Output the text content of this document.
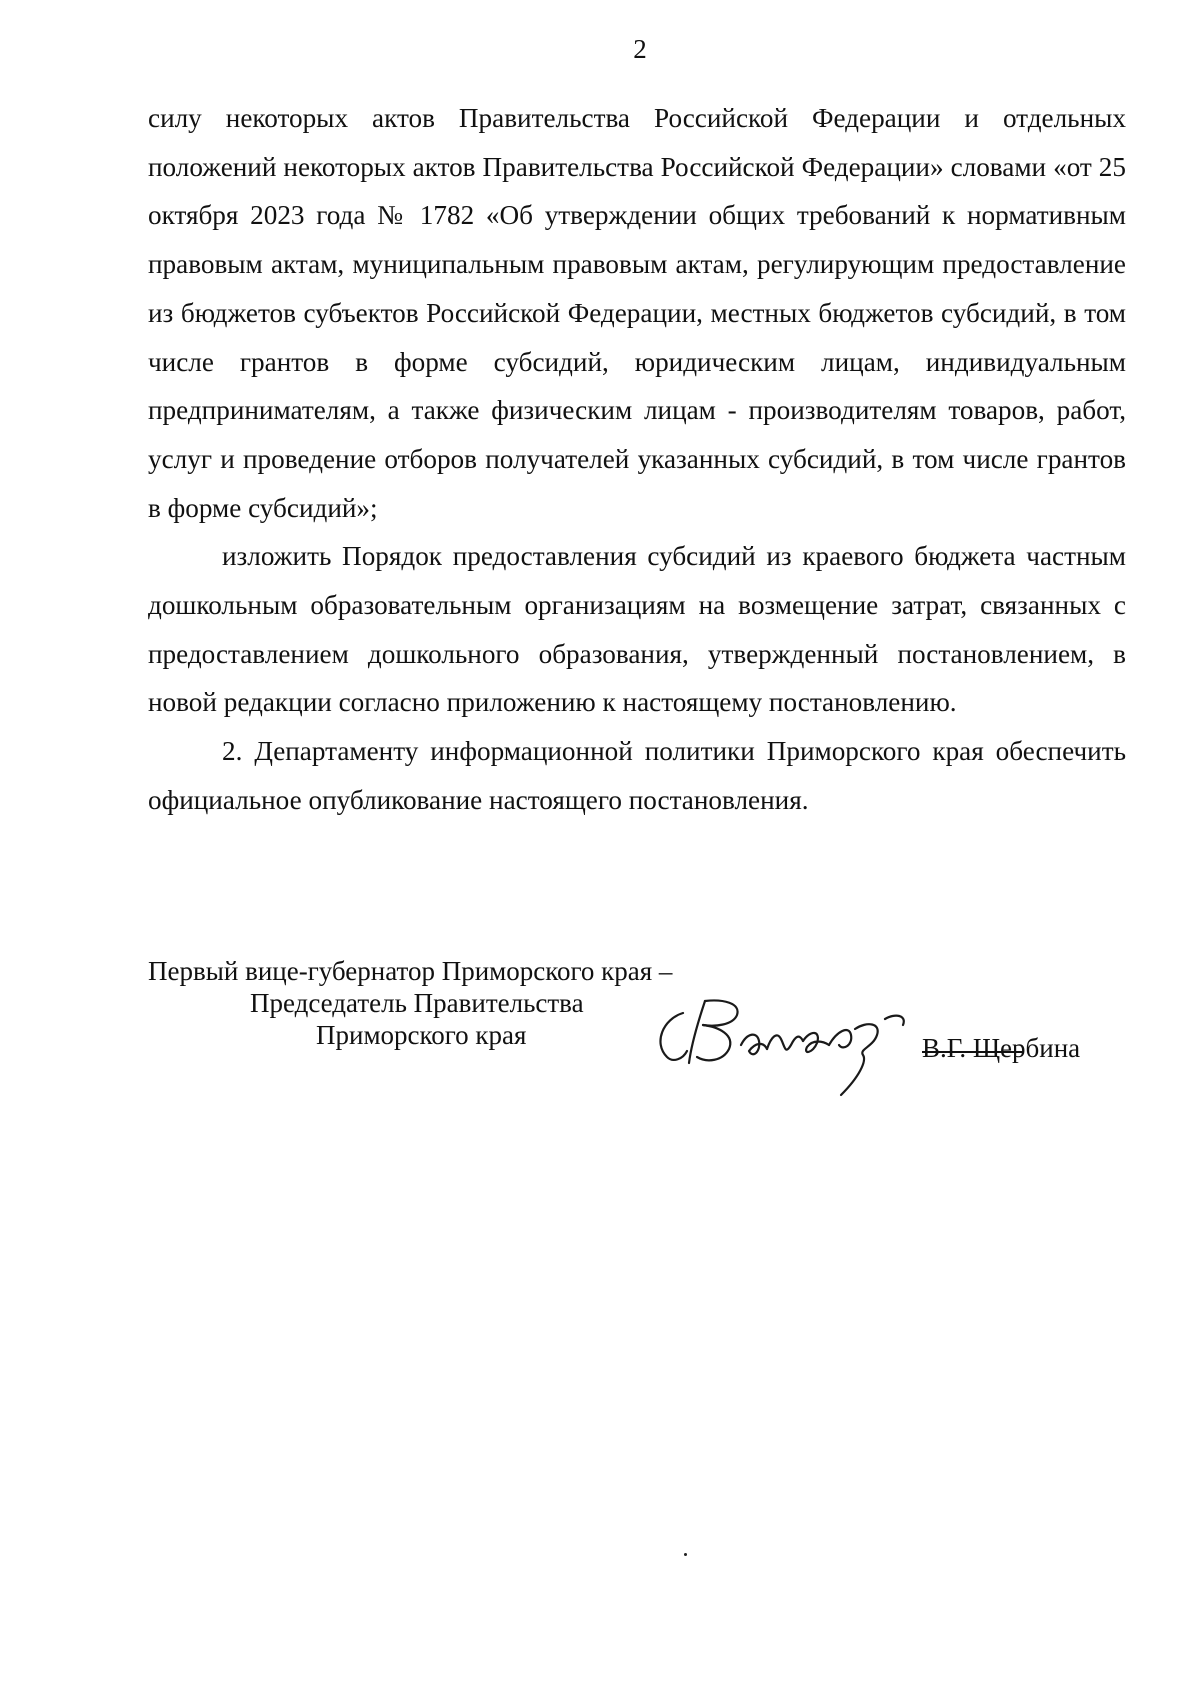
2

силу некоторых актов Правительства Российской Федерации и отдельных положений некоторых актов Правительства Российской Федерации» словами «от 25 октября 2023 года № 1782 «Об утверждении общих требований к нормативным правовым актам, муниципальным правовым актам, регулирующим предоставление из бюджетов субъектов Российской Федерации, местных бюджетов субсидий, в том числе грантов в форме субсидий, юридическим лицам, индивидуальным предпринимателям, а также физическим лицам - производителям товаров, работ, услуг и проведение отборов получателей указанных субсидий, в том числе грантов в форме субсидий»;

изложить Порядок предоставления субсидий из краевого бюджета частным дошкольным образовательным организациям на возмещение затрат, связанных с предоставлением дошкольного образования, утвержденный постановлением, в новой редакции согласно приложению к настоящему постановлению.

2. Департаменту информационной политики Приморского края обеспечить официальное опубликование настоящего постановления.

Первый вице-губернатор Приморского края –
Председатель Правительства
Приморского края	В.Г. Щербина
